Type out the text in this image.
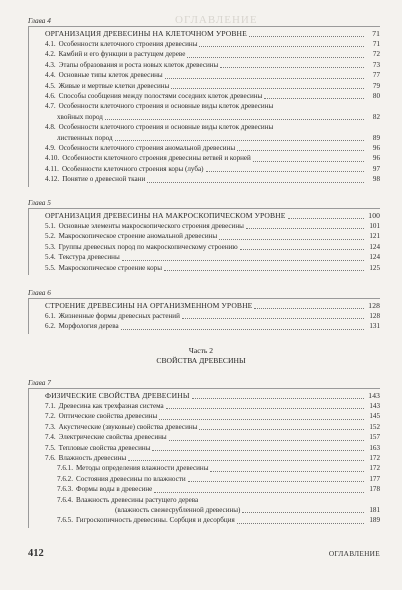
ОГЛАВЛЕНИЕ
Глава 4
ОРГАНИЗАЦИЯ ДРЕВЕСИНЫ НА КЛЕТОЧНОМ УРОВНЕ	71
4.1. Особенности клеточного строения древесины	71
4.2. Камбий и его функции в растущем дереве	72
4.3. Этапы образования и роста новых клеток древесины	73
4.4. Основные типы клеток древесины	77
4.5. Живые и мертвые клетки древесины	79
4.6. Способы сообщения между полостями соседних клеток древесины	80
4.7. Особенности клеточного строения и основные виды клеток древесины
хвойных пород	82
4.8. Особенности клеточного строения и основные виды клеток древесины
лиственных пород	89
4.9. Особенности клеточного строения аномальной древесины	96
4.10. Особенности клеточного строения древесины ветвей и корней	96
4.11. Особенности клеточного строения коры (луба)	97
4.12. Понятие о древесной ткани	98
Глава 5
ОРГАНИЗАЦИЯ ДРЕВЕСИНЫ НА МАКРОСКОПИЧЕСКОМ УРОВНЕ	100
5.1. Основные элементы макроскопического строения древесины	101
5.2. Макроскопическое строение аномальной древесины	121
5.3. Группы древесных пород по макроскопическому строению	124
5.4. Текстура древесины	124
5.5. Макроскопическое строение коры	125
Глава 6
СТРОЕНИЕ ДРЕВЕСИНЫ НА ОРГАНИЗМЕННОМ УРОВНЕ	128
6.1. Жизненные формы древесных растений	128
6.2. Морфология дерева	131
Часть 2
СВОЙСТВА ДРЕВЕСИНЫ
Глава 7
ФИЗИЧЕСКИЕ СВОЙСТВА ДРЕВЕСИНЫ	143
7.1. Древесина как трехфазная система	143
7.2. Оптические свойства древесины	145
7.3. Акустические (звуковые) свойства древесины	152
7.4. Электрические свойства древесины	157
7.5. Тепловые свойства древесины	163
7.6. Влажность древесины	172
7.6.1. Методы определения влажности древесины	172
7.6.2. Состояния древесины по влажности	177
7.6.3. Формы воды в древесине	178
7.6.4. Влажность древесины растущего дерева
(влажность свежесрубленной древесины)	181
7.6.5. Гигроскопичность древесины. Сорбция и десорбция	189
412	ОГЛАВЛЕНИЕ
